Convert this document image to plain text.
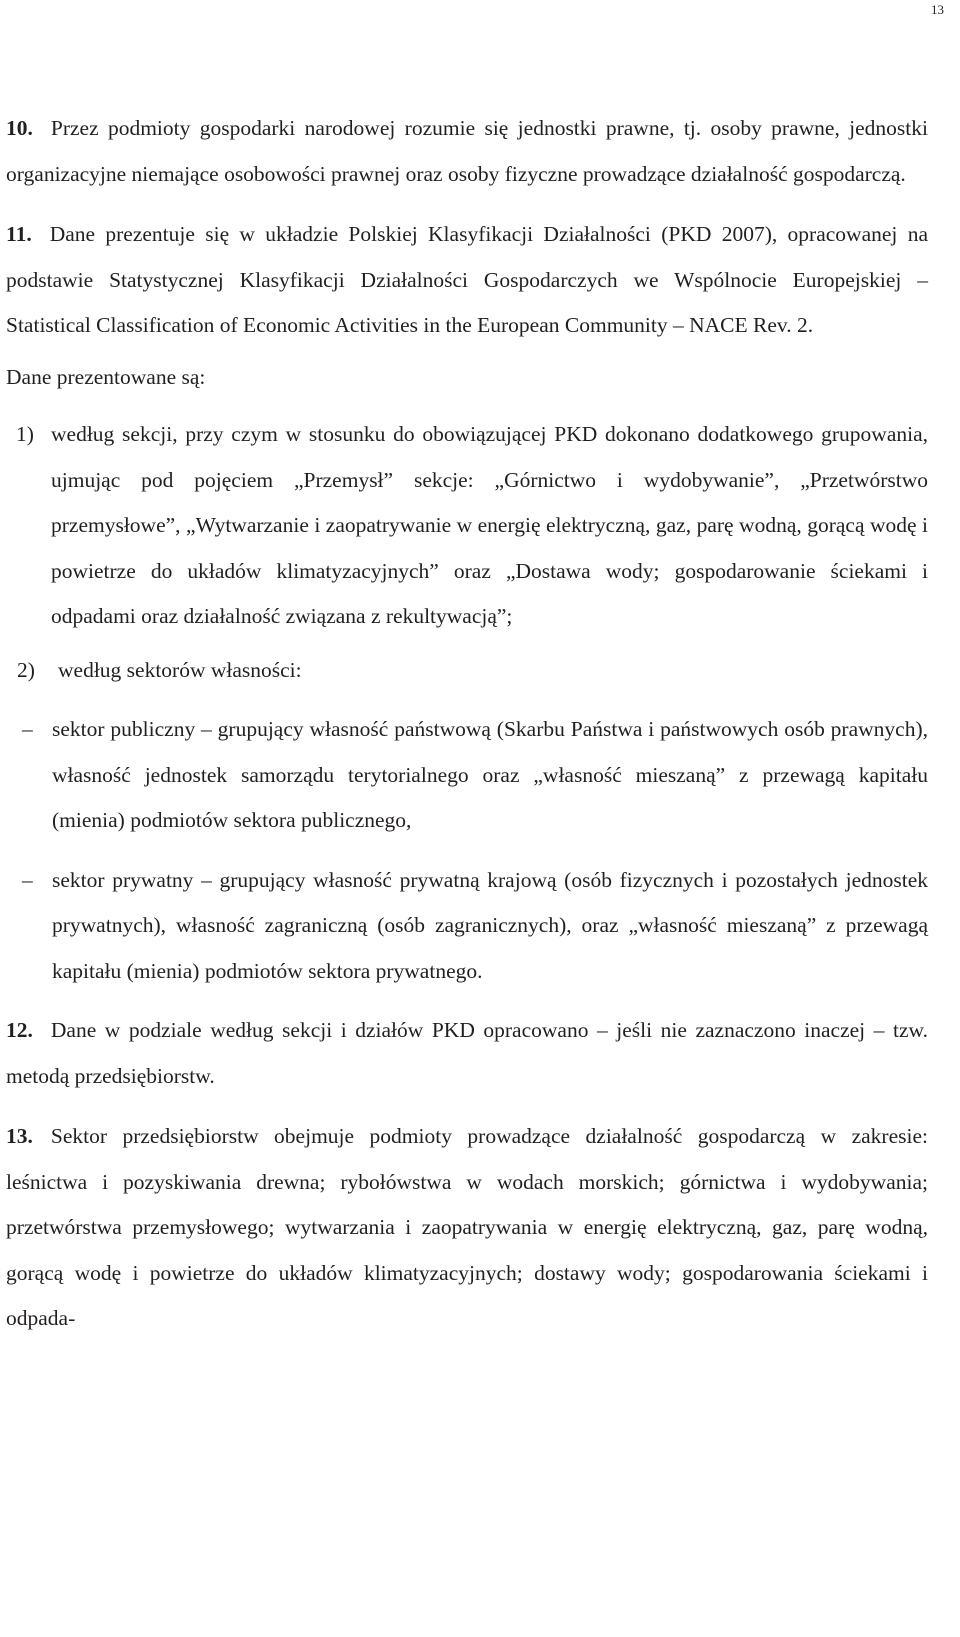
13

10. Przez podmioty gospodarki narodowej rozumie się jednostki prawne, tj. osoby prawne, jednostki organizacyjne niemające osobowości prawnej oraz osoby fizyczne prowadzące działalność gospodarczą.

11. Dane prezentuje się w układzie Polskiej Klasyfikacji Działalności (PKD 2007), opracowanej na podstawie Statystycznej Klasyfikacji Działalności Gospodarczych we Wspólnocie Europejskiej – Statistical Classification of Economic Activities in the European Community – NACE Rev. 2.

Dane prezentowane są:

1) według sekcji, przy czym w stosunku do obowiązującej PKD dokonano dodatkowego grupowania, ujmując pod pojęciem „Przemysł” sekcje: „Górnictwo i wydobywanie”, „Przetwórstwo przemysłowe”, „Wytwarzanie i zaopatrywanie w energię elektryczną, gaz, parę wodną, gorącą wodę i powietrze do układów klimatyzacyjnych” oraz „Dostawa wody; gospodarowanie ściekami i odpadami oraz działalność związana z rekultywacją”;
2) według sektorów własności:
– sektor publiczny – grupujący własność państwową (Skarbu Państwa i państwowych osób prawnych), własność jednostek samorządu terytorialnego oraz „własność mieszaną” z przewagą kapitału (mienia) podmiotów sektora publicznego,
– sektor prywatny – grupujący własność prywatną krajową (osób fizycznych i pozostałych jednostek prywatnych), własność zagraniczną (osób zagranicznych), oraz „własność mieszaną” z przewagą kapitału (mienia) podmiotów sektora prywatnego.

12. Dane w podziale według sekcji i działów PKD opracowano – jeśli nie zaznaczono inaczej – tzw. metodą przedsiębiorstw.

13. Sektor przedsiębiorstw obejmuje podmioty prowadzące działalność gospodarczą w zakresie: leśnictwa i pozyskiwania drewna; rybołówstwa w wodach morskich; górnictwa i wydobywania; przetwórstwa przemysłowego; wytwarzania i zaopatrywania w energię elektryczną, gaz, parę wodną, gorącą wodę i powietrze do układów klimatyzacyjnych; dostawy wody; gospodarowania ściekami i odpada-
